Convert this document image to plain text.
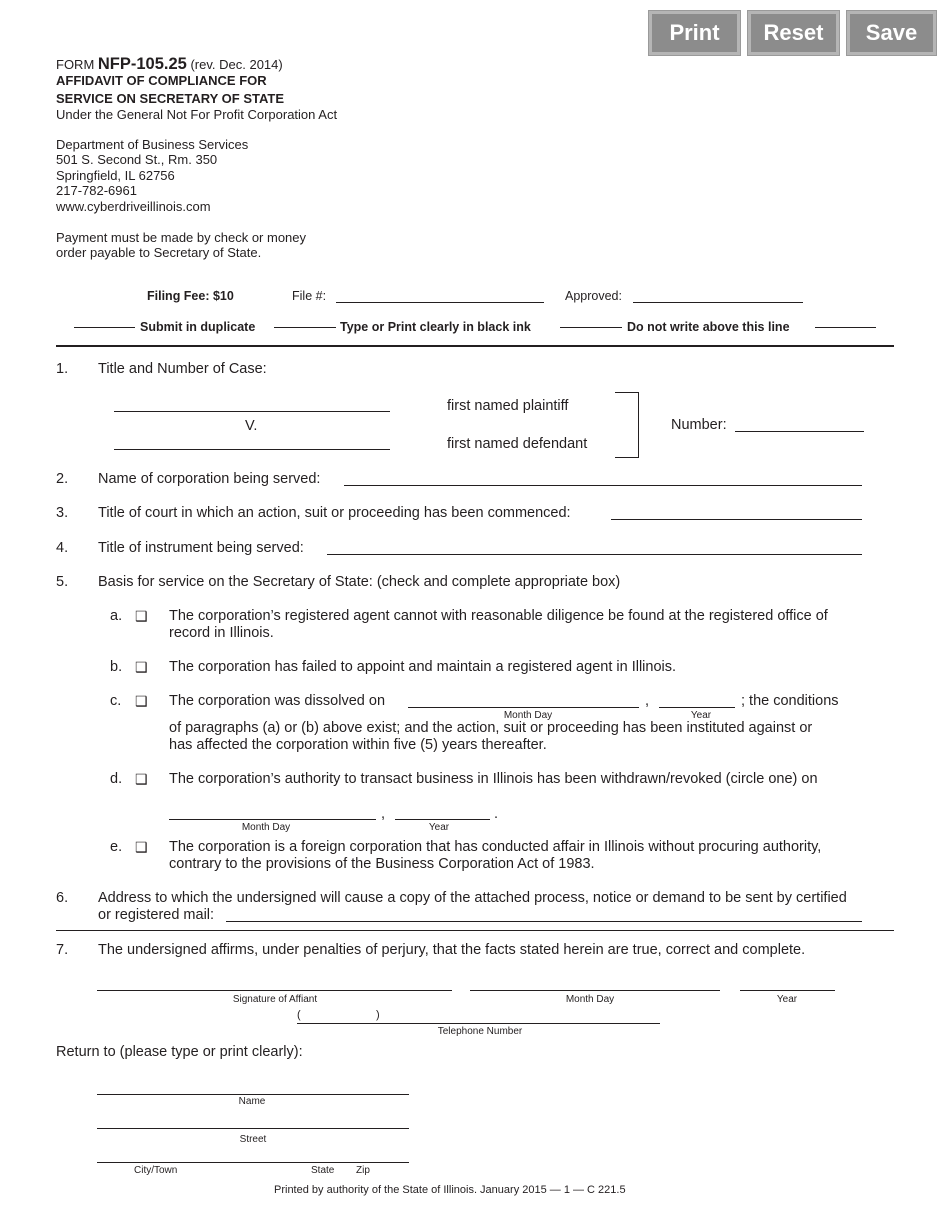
Print	Reset	Save
FORM NFP-105.25 (rev. Dec. 2014)
AFFIDAVIT OF COMPLIANCE FOR
SERVICE ON SECRETARY OF STATE
Under the General Not For Profit Corporation Act
Department of Business Services
501 S. Second St., Rm. 350
Springfield, IL 62756
217-782-6961
www.cyberdriveillinois.com
Payment must be made by check or money
order payable to Secretary of State.
Filing Fee: $10	File #:	Approved:
Submit in duplicate	Type or Print clearly in black ink	Do not write above this line
1. Title and Number of Case:
first named plaintiff
V.
first named defendant
Number:
2. Name of corporation being served:
3. Title of court in which an action, suit or proceeding has been commenced:
4. Title of instrument being served:
5. Basis for service on the Secretary of State: (check and complete appropriate box)
a. ❑ The corporation’s registered agent cannot with reasonable diligence be found at the registered office of
record in Illinois.
b. ❑ The corporation has failed to appoint and maintain a registered agent in Illinois.
c. ❑ The corporation was dissolved on	,	; the conditions
Month Day	Year
of paragraphs (a) or (b) above exist; and the action, suit or proceeding has been instituted against or
has affected the corporation within five (5) years thereafter.
d. ❑ The corporation’s authority to transact business in Illinois has been withdrawn/revoked (circle one) on
,	.
Month Day	Year
e. ❑ The corporation is a foreign corporation that has conducted affair in Illinois without procuring authority,
contrary to the provisions of the Business Corporation Act of 1983.
6. Address to which the undersigned will cause a copy of the attached process, notice or demand to be sent by certified
or registered mail:
7. The undersigned affirms, under penalties of perjury, that the facts stated herein are true, correct and complete.
Signature of Affiant	Month Day	Year
(	)
Telephone Number
Return to (please type or print clearly):
Name
Street
City/Town	State Zip
Printed by authority of the State of Illinois. January 2015 — 1 — C 221.5
